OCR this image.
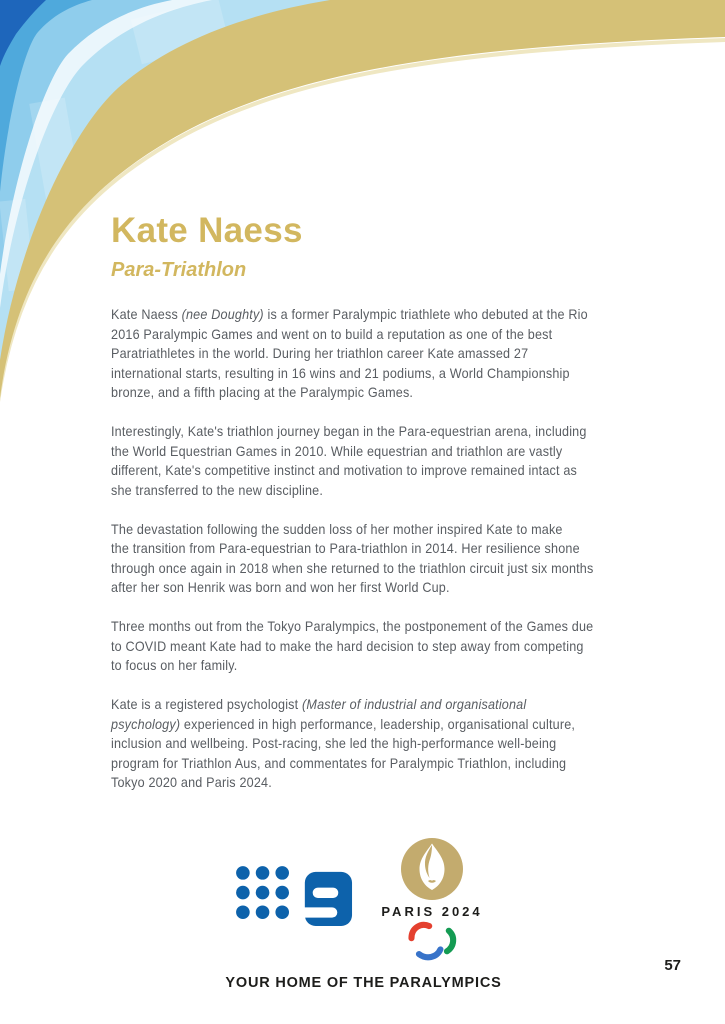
Kate Naess
Para-Triathlon

Kate Naess (nee Doughty) is a former Paralympic triathlete who debuted at the Rio
2016 Paralympic Games and went on to build a reputation as one of the best
Paratriathletes in the world. During her triathlon career Kate amassed 27
international starts, resulting in 16 wins and 21 podiums, a World Championship
bronze, and a fifth placing at the Paralympic Games.

Interestingly, Kate's triathlon journey began in the Para-equestrian arena, including
the World Equestrian Games in 2010. While equestrian and triathlon are vastly
different, Kate's competitive instinct and motivation to improve remained intact as
she transferred to the new discipline.

The devastation following the sudden loss of her mother inspired Kate to make
the transition from Para-equestrian to Para-triathlon in 2014. Her resilience shone
through once again in 2018 when she returned to the triathlon circuit just six months
after her son Henrik was born and won her first World Cup.

Three months out from the Tokyo Paralympics, the postponement of the Games due
to COVID meant Kate had to make the hard decision to step away from competing
to focus on her family.

Kate is a registered psychologist (Master of industrial and organisational
psychology) experienced in high performance, leadership, organisational culture,
inclusion and wellbeing. Post-racing, she led the high-performance well-being
program for Triathlon Aus, and commentates for Paralympic Triathlon, including
Tokyo 2020 and Paris 2024.

PARIS 2024
YOUR HOME OF THE PARALYMPICS
57
